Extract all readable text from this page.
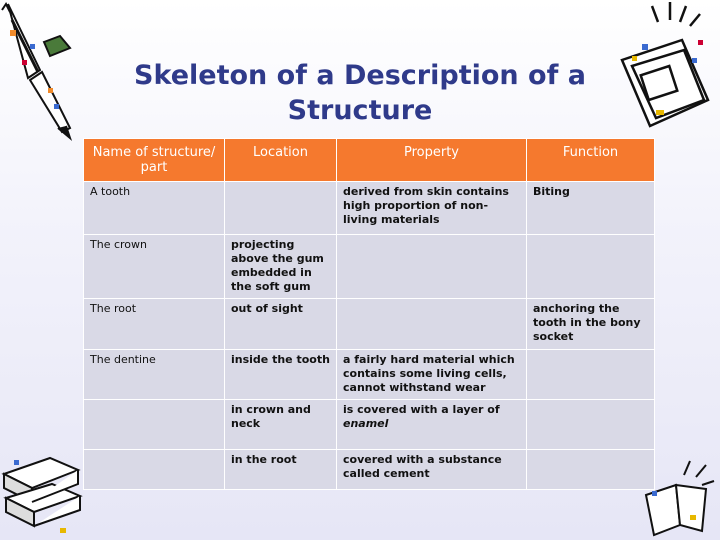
Skeleton of a Description of a
Structure
Name of structure/ part	Location	Property	Function
A tooth		derived from skin contains high proportion of non-living materials	Biting
The crown	projecting above the gum embedded in the soft gum		
The root	out of sight		anchoring the tooth in the bony socket
The dentine	inside the tooth	a fairly hard material which contains some living cells, cannot withstand wear	
	in crown and neck	is covered with a layer of enamel	
	in the root	covered with a substance called cement	
